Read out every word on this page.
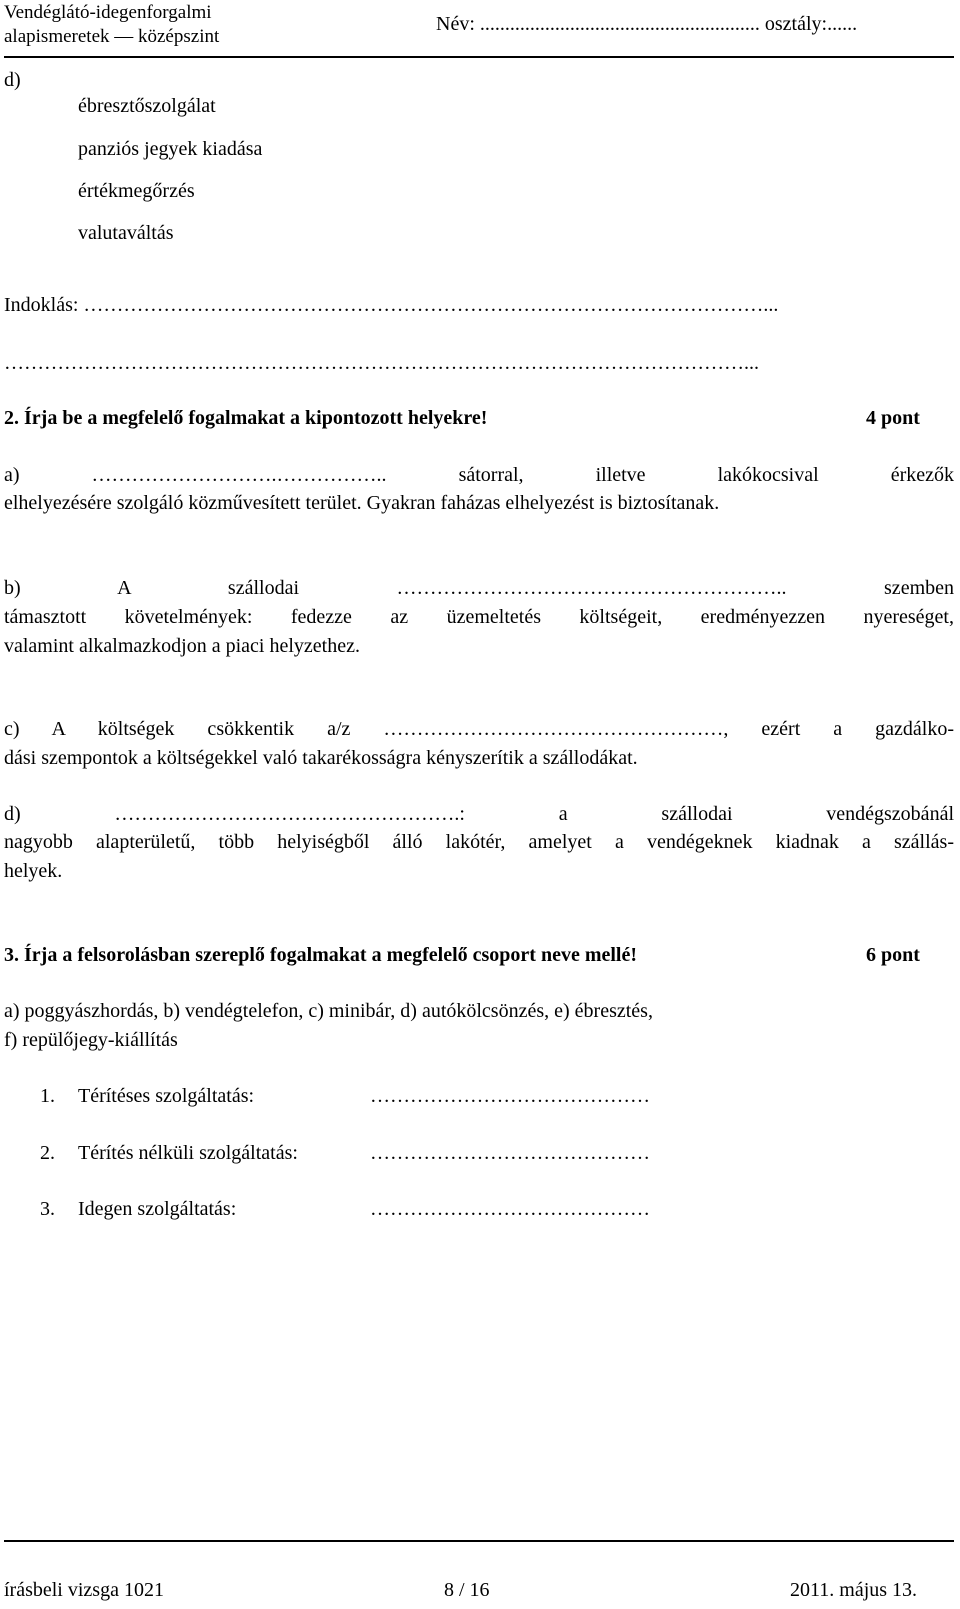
Vendéglátó-idegenforgalmi
alapismeretek — középszint
Név: ........................................................ osztály:......
d)
ébresztőszolgálat
panziós jegyek kiadása
értékmegőrzés
valutaváltás
Indoklás: …………………………………………………………………………………………...
…………………………………………………………………………………………………...
2. Írja be a megfelelő fogalmakat a kipontozott helyekre!	4 pont
a) ……………………….…………….. sátorral, illetve lakókocsival érkezők
elhelyezésére szolgáló közművesített terület. Gyakran faházas elhelyezést is biztosítanak.
b) A szállodai ………………………………………………….. szemben
támasztott követelmények: fedezze az üzemeltetés költségeit, eredményezzen nyereséget,
valamint alkalmazkodjon a piaci helyzethez.
c) A költségek csökkentik a/z ……………………………………………, ezért a gazdálko-
dási szempontok a költségekkel való takarékosságra kényszerítik a szállodákat.
d) …………………………………………….: a szállodai vendégszobánál
nagyobb alapterületű, több helyiségből álló lakótér, amelyet a vendégeknek kiadnak a szállás-
helyek.
3. Írja a felsorolásban szereplő fogalmakat a megfelelő csoport neve mellé!	6 pont
a) poggyászhordás, b) vendégtelefon, c) minibár, d) autókölcsönzés, e) ébresztés,
f) repülőjegy-kiállítás
1. Térítéses szolgáltatás:	……………………………………
2. Térítés nélküli szolgáltatás:	……………………………………
3. Idegen szolgáltatás:	……………………………………
írásbeli vizsga 1021	8 / 16	2011. május 13.
